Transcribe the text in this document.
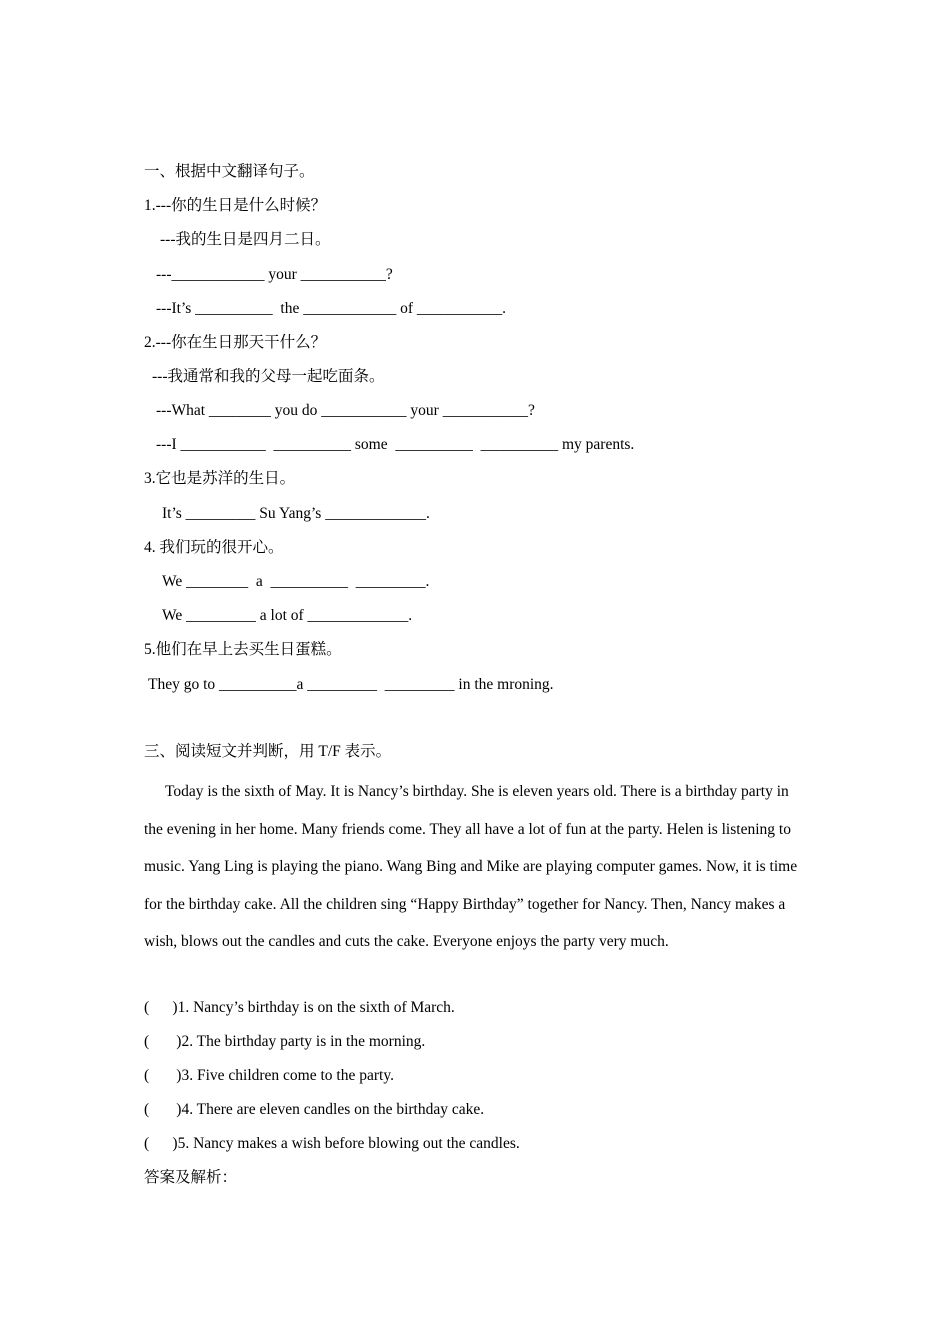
一、根据中文翻译句子。
1.---你的生日是什么时候？
---我的生日是四月二日。
---____________ your ___________?
---It’s __________  the ____________ of ___________.
2.---你在生日那天干什么？
---我通常和我的父母一起吃面条。
---What ________ you do ___________ your ___________?
---I ___________  __________ some  __________  __________ my parents.
3.它也是苏洋的生日。
It’s _________ Su Yang’s _____________.
4. 我们玩的很开心。
We ________  a  __________  _________.
We _________ a lot of _____________.
5.他们在早上去买生日蛋糕。
They go to __________a _________  _________ in the mroning.
三、阅读短文并判断，用 T/F 表示。
Today is the sixth of May. It is Nancy’s birthday. She is eleven years old. There is a birthday party in the evening in her home. Many friends come. They all have a lot of fun at the party. Helen is listening to music. Yang Ling is playing the piano. Wang Bing and Mike are playing computer games. Now, it is time for the birthday cake. All the children sing “Happy Birthday” together for Nancy. Then, Nancy makes a wish, blows out the candles and cuts the cake. Everyone enjoys the party very much.
(      )1. Nancy’s birthday is on the sixth of March.
(       )2. The birthday party is in the morning.
(       )3. Five children come to the party.
(       )4. There are eleven candles on the birthday cake.
(      )5. Nancy makes a wish before blowing out the candles.
答案及解析：
